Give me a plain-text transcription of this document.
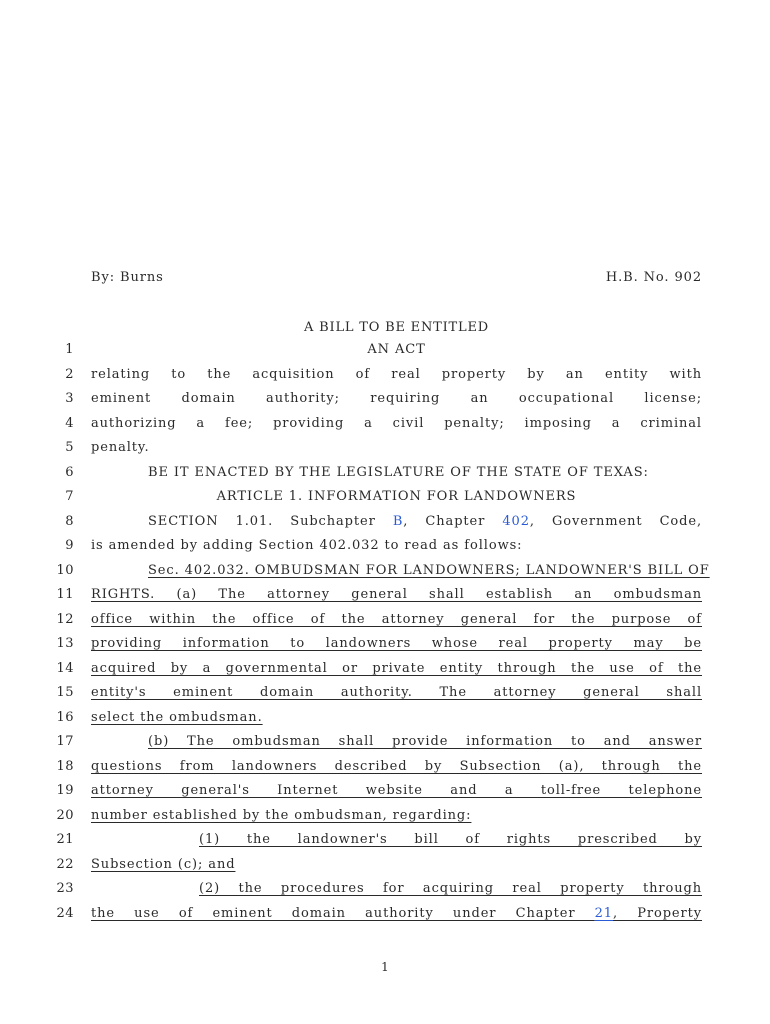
By: Burns	H.B. No. 902
A BILL TO BE ENTITLED
1	AN ACT
2 relating to the acquisition of real property by an entity with
3 eminent domain authority; requiring an occupational license;
4 authorizing a fee; providing a civil penalty; imposing a criminal
5 penalty.
6	BE IT ENACTED BY THE LEGISLATURE OF THE STATE OF TEXAS:
7	ARTICLE 1. INFORMATION FOR LANDOWNERS
8	SECTION 1.01. Subchapter B, Chapter 402, Government Code,
9 is amended by adding Section 402.032 to read as follows:
10	Sec. 402.032. OMBUDSMAN FOR LANDOWNERS; LANDOWNER'S BILL OF
11 RIGHTS. (a) The attorney general shall establish an ombudsman
12 office within the office of the attorney general for the purpose of
13 providing information to landowners whose real property may be
14 acquired by a governmental or private entity through the use of the
15 entity's eminent domain authority. The attorney general shall
16 select the ombudsman.
17	(b) The ombudsman shall provide information to and answer
18 questions from landowners described by Subsection (a), through the
19 attorney general's Internet website and a toll-free telephone
20 number established by the ombudsman, regarding:
21	(1) the landowner's bill of rights prescribed by
22 Subsection (c); and
23	(2) the procedures for acquiring real property through
24 the use of eminent domain authority under Chapter 21, Property
1
